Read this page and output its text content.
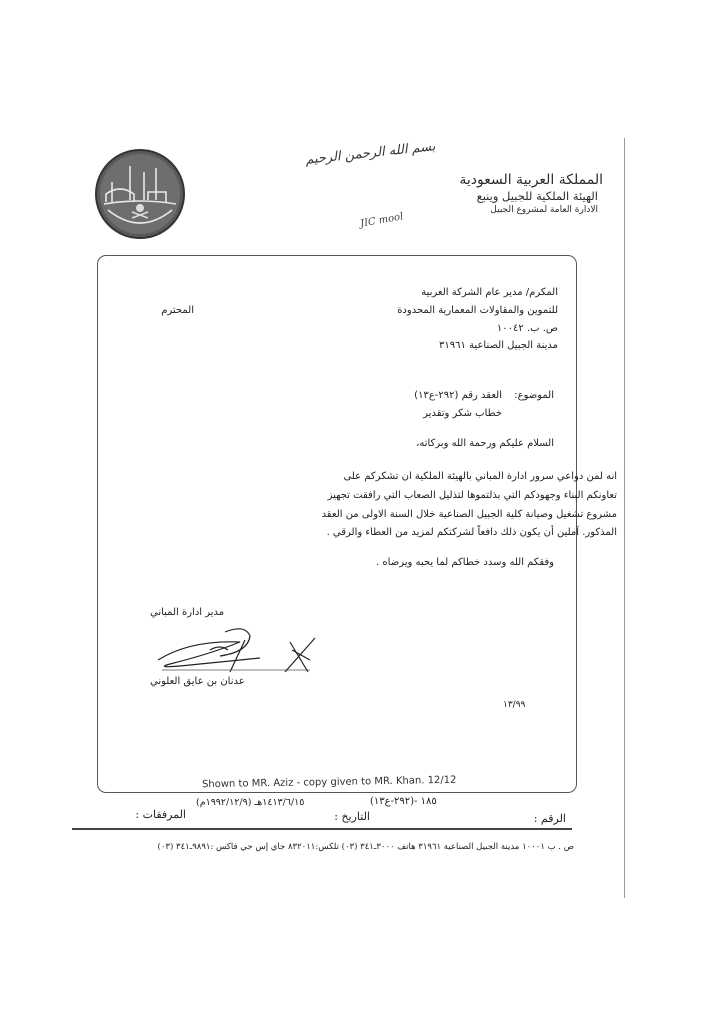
بسم الله الرحمن الرحيم
المملكة العربية السعودية
الهيئة الملكية للجبيل وينبع
الادارة العامة لمشروع الجبيل
JIC mool
المكرم/ مدير عام الشركة العربية
للتموين والمقاولات المعمارية المحدودة
المحترم
ص. ب. ١٠٠٤٢
مدينة الجبيل الصناعية ٣١٩٦١
الموضوع:
العقد رقم (٢٩٢-ع١٣)
خطاب شكر وتقدير
السلام عليكم ورحمة الله وبركاته،
انه لمن دواعي سرور ادارة المباني بالهيئة الملكية ان تشكركم على
تعاونكم البناء وجهودكم التي بذلتموها لتذليل الصعاب التي رافقت تجهيز
مشروع تشغيل وصيانة كلية الجبيل الصناعية خلال السنة الاولى من العقد
المذكور. آملين أن يكون ذلك دافعاً لشركتكم لمزيد من العطاء والرقي .
وفقكم الله وسدد خطاكم لما يحبه ويرضاه .
مدير ادارة المباني
عدنان بن عايق العلوني
١٣/٩٩
Shown to MR. Aziz - copy given to MR. Khan. 12/12
الرقم :
١٨٥ -(٢٩٢-ع١٣)
التاريخ :
١٤١٣/٦/١٥هـ (١٩٩٢/١٢/٩م)
المرفقات :
ص . ب ١٠٠٠١ مدينة الجبيل الصناعية ٣١٩٦١ هاتف ٣٠٠٠ـ٣٤١ (٠٣) تلكس:٨٣٢٠١١ جاي إس جي فاكس :٩٨٩١ـ٣٤١ (٠٣)
